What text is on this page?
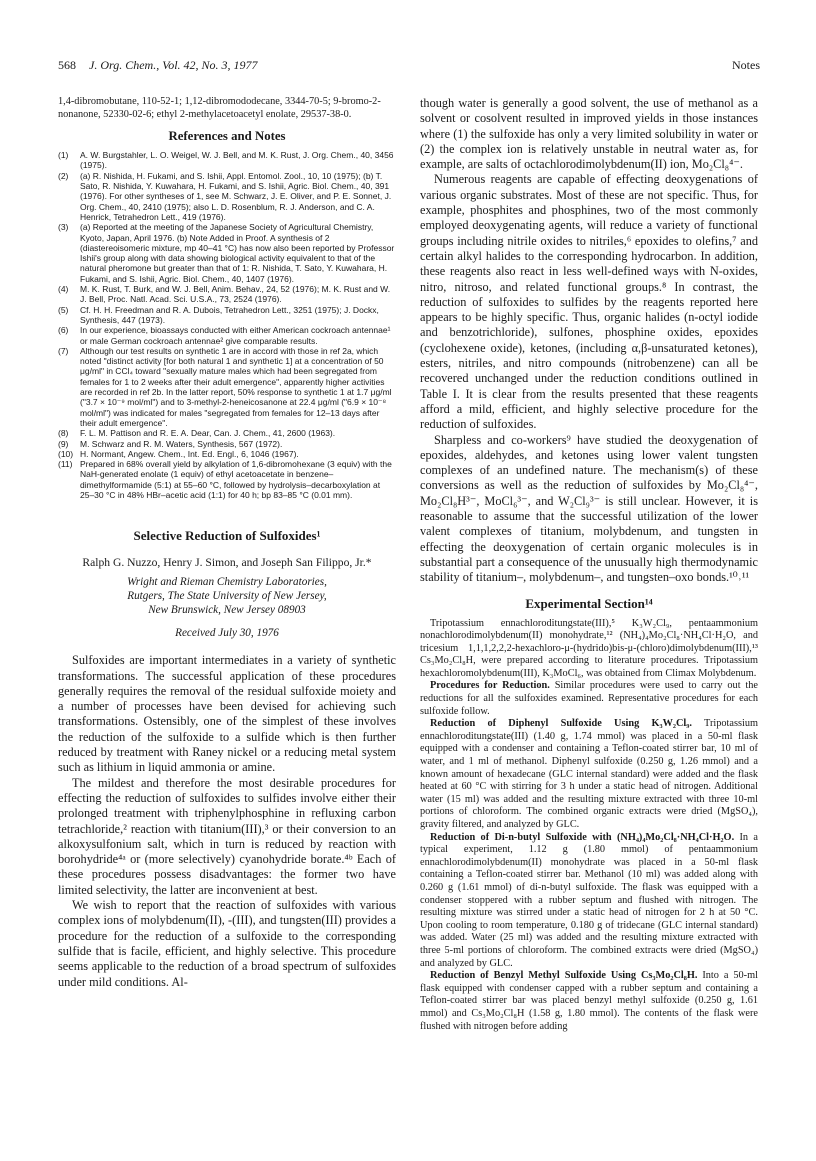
568 J. Org. Chem., Vol. 42, No. 3, 1977	Notes

1,4-dibromobutane, 110-52-1; 1,12-dibromododecane, 3344-70-5; 9-bromo-2-nonanone, 52330-02-6; ethyl 2-methylacetoacetyl enolate, 29537-38-0.

References and Notes
(1) A. W. Burgstahler, L. O. Weigel, W. J. Bell, and M. K. Rust, J. Org. Chem., 40, 3456 (1975).
(2) (a) R. Nishida, H. Fukami, and S. Ishii, Appl. Entomol. Zool., 10, 10 (1975); (b) T. Sato, R. Nishida, Y. Kuwahara, H. Fukami, and S. Ishii, Agric. Biol. Chem., 40, 391 (1976). For other syntheses of 1, see M. Schwarz, J. E. Oliver, and P. E. Sonnet, J. Org. Chem., 40, 2410 (1975); also L. D. Rosenblum, R. J. Anderson, and C. A. Henrick, Tetrahedron Lett., 419 (1976).
(3) (a) Reported at the meeting of the Japanese Society of Agricultural Chemistry, Kyoto, Japan, April 1976. (b) Note Added in Proof. A synthesis of 2 (diastereoisomeric mixture, mp 40–41 °C) has now also been reported by Professor Ishii's group along with data showing biological activity equivalent to that of the natural pheromone but greater than that of 1: R. Nishida, T. Sato, Y. Kuwahara, H. Fukami, and S. Ishii, Agric. Biol. Chem., 40, 1407 (1976).
(4) M. K. Rust, T. Burk, and W. J. Bell, Anim. Behav., 24, 52 (1976); M. K. Rust and W. J. Bell, Proc. Natl. Acad. Sci. U.S.A., 73, 2524 (1976).
(5) Cf. H. H. Freedman and R. A. Dubois, Tetrahedron Lett., 3251 (1975); J. Dockx, Synthesis, 447 (1973).
(6) In our experience, bioassays conducted with either American cockroach antennae¹ or male German cockroach antennae² give comparable results.
(7) Although our test results on synthetic 1 are in accord with those in ref 2a, which noted "distinct activity [for both natural 1 and synthetic 1] at a concentration of 50 μg/ml" in CCl₄ toward "sexually mature males which had been segregated from females for 1 to 2 weeks after their adult emergence", apparently higher activities are recorded in ref 2b. In the latter report, 50% response to synthetic 1 at 1.7 μg/ml ("3.7 × 10⁻⁹ mol/ml") and to 3-methyl-2-heneicosanone at 22.4 μg/ml ("6.9 × 10⁻⁸ mol/ml") was indicated for males "segregated from females for 12–13 days after their adult emergence".
(8) F. L. M. Pattison and R. E. A. Dear, Can. J. Chem., 41, 2600 (1963).
(9) M. Schwarz and R. M. Waters, Synthesis, 567 (1972).
(10) H. Normant, Angew. Chem., Int. Ed. Engl., 6, 1046 (1967).
(11) Prepared in 68% overall yield by alkylation of 1,6-dibromohexane (3 equiv) with the NaH-generated enolate (1 equiv) of ethyl acetoacetate in benzene–dimethylformamide (5:1) at 55–60 °C, followed by hydrolysis–decarboxylation at 25–30 °C in 48% HBr–acetic acid (1:1) for 40 h; bp 83–85 °C (0.01 mm).
Selective Reduction of Sulfoxides¹
Ralph G. Nuzzo, Henry J. Simon, and Joseph San Filippo, Jr.*
Wright and Rieman Chemistry Laboratories,
Rutgers, The State University of New Jersey,
New Brunswick, New Jersey 08903
Received July 30, 1976

Sulfoxides are important intermediates in a variety of synthetic transformations. The successful application of these procedures generally requires the removal of the residual sulfoxide moiety and a number of processes have been devised for achieving such transformations. Ostensibly, one of the simplest of these involves the reduction of the sulfoxide to a sulfide which is then further reduced by treatment with Raney nickel or a reducing metal system such as lithium in liquid ammonia or amine.

The mildest and therefore the most desirable procedures for effecting the reduction of sulfoxides to sulfides involve either their prolonged treatment with triphenylphosphine in refluxing carbon tetrachloride,² reaction with titanium(III),³ or their conversion to an alkoxysulfonium salt, which in turn is reduced by reaction with borohydride⁴ᵃ or (more selectively) cyanohydride borate.⁴ᵇ Each of these procedures possess disadvantages: the former two have limited selectivity, the latter are inconvenient at best.

We wish to report that the reaction of sulfoxides with various complex ions of molybdenum(II), -(III), and tungsten(III) provides a procedure for the reduction of a sulfoxide to the corresponding sulfide that is facile, efficient, and highly selective. This procedure seems applicable to the reduction of a broad spectrum of sulfoxides under mild conditions. Al-

though water is generally a good solvent, the use of methanol as a solvent or cosolvent resulted in improved yields in those instances where (1) the sulfoxide has only a very limited solubility in water or (2) the complex ion is relatively unstable in neutral water as, for example, are salts of octachlorodimolybdenum(II) ion, Mo₂Cl₈⁴⁻.

Numerous reagents are capable of effecting deoxygenations of various organic substrates. Most of these are not specific. Thus, for example, phosphites and phosphines, two of the most commonly employed deoxygenating agents, will reduce a variety of functional groups including nitrile oxides to nitriles,⁶ epoxides to olefins,⁷ and certain alkyl halides to the corresponding hydrocarbon. In addition, these reagents also react in less well-defined ways with N-oxides, nitro, nitroso, and related functional groups.⁸ In contrast, the reduction of sulfoxides to sulfides by the reagents reported here appears to be highly specific. Thus, organic halides (n-octyl iodide and benzotrichloride), sulfones, phosphine oxides, epoxides (cyclohexene oxide), ketones, (including α,β-unsaturated ketones), esters, nitriles, and nitro compounds (nitrobenzene) can all be recovered unchanged under the reduction conditions outlined in Table I. It is clear from the results presented that these reagents afford a mild, efficient, and highly selective procedure for the reduction of sulfoxides.

Sharpless and co-workers⁹ have studied the deoxygenation of epoxides, aldehydes, and ketones using lower valent tungsten complexes of an undefined nature. The mechanism(s) of these conversions as well as the reduction of sulfoxides by Mo₂Cl₈⁴⁻, Mo₂Cl₈H³⁻, MoCl₆³⁻, and W₂Cl₉³⁻ is still unclear. However, it is reasonable to assume that the successful utilization of the lower valent complexes of titanium, molybdenum, and tungsten in effecting the deoxygenation of certain organic molecules is in substantial part a consequence of the unusually high thermodynamic stability of titanium–, molybdenum–, and tungsten–oxo bonds.¹⁰˒¹¹

Experimental Section¹⁴

Tripotassium ennachloroditungstate(III),⁵ K₃W₂Cl₉, pentaammonium nonachlorodimolybdenum(II) monohydrate,¹² (NH₄)₄Mo₂Cl₈·NH₄Cl·H₂O, and tricesium 1,1,1,2,2,2-hexachloro-μ-(hydrido)bis-μ-(chloro)dimolybdenum(III),¹³ Cs₃Mo₂Cl₈H, were prepared according to literature procedures. Tripotassium hexachloromolybdenum(III), K₃MoCl₆, was obtained from Climax Molybdenum.

Procedures for Reduction. Similar procedures were used to carry out the reductions for all the sulfoxides examined. Representative procedures for each sulfoxide follow.

Reduction of Diphenyl Sulfoxide Using K₃W₂Cl₉. Tripotassium ennachloroditungstate(III) (1.40 g, 1.74 mmol) was placed in a 50-ml flask equipped with a condenser and containing a Teflon-coated stirrer bar, 10 ml of water, and 1 ml of methanol. Diphenyl sulfoxide (0.250 g, 1.26 mmol) and a known amount of hexadecane (GLC internal standard) were added and the flask heated at 60 °C with stirring for 3 h under a static head of nitrogen. Additional water (15 ml) was added and the resulting mixture extracted with three 10-ml portions of chloroform. The combined organic extracts were dried (MgSO₄), gravity filtered, and analyzed by GLC.

Reduction of Di-n-butyl Sulfoxide with (NH₄)₄Mo₂Cl₈·NH₄Cl·H₂O. In a typical experiment, 1.12 g (1.80 mmol) of pentaammonium ennachlorodimolybdenum(II) monohydrate was placed in a 50-ml flask containing a Teflon-coated stirrer bar. Methanol (10 ml) was added along with 0.260 g (1.61 mmol) of di-n-butyl sulfoxide. The flask was equipped with a condenser stoppered with a rubber septum and flushed with nitrogen. The resulting mixture was stirred under a static head of nitrogen for 2 h at 50 °C. Upon cooling to room temperature, 0.180 g of tridecane (GLC internal standard) was added. Water (25 ml) was added and the resulting mixture extracted with three 5-ml portions of chloroform. The combined extracts were dried (MgSO₄) and analyzed by GLC.

Reduction of Benzyl Methyl Sulfoxide Using Cs₃Mo₂Cl₈H. Into a 50-ml flask equipped with condenser capped with a rubber septum and containing a Teflon-coated stirrer bar was placed benzyl methyl sulfoxide (0.250 g, 1.61 mmol) and Cs₃Mo₂Cl₈H (1.58 g, 1.80 mmol). The contents of the flask were flushed with nitrogen before adding
